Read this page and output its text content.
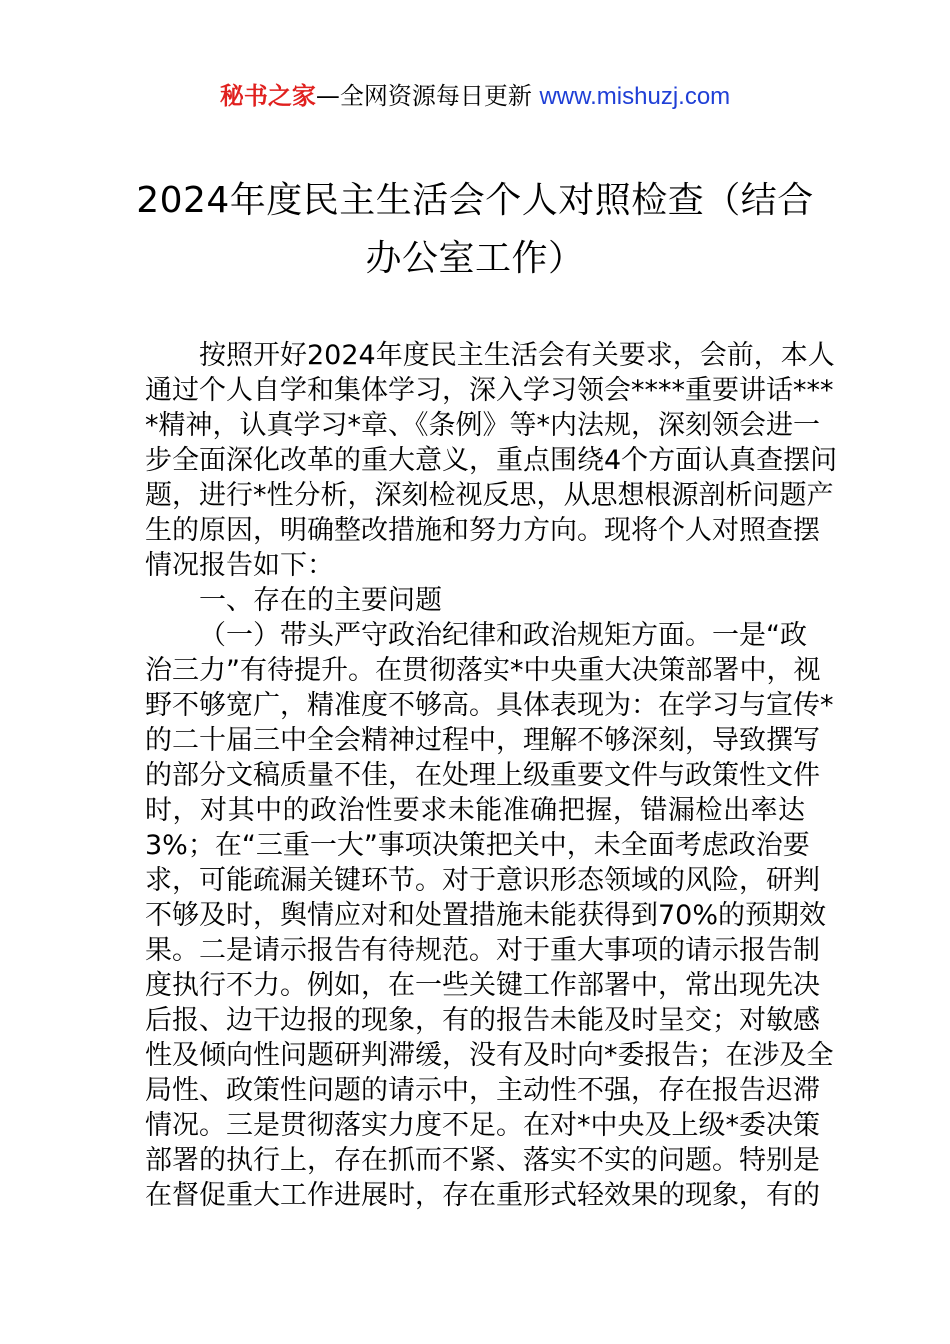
秘书之家—全网资源每日更新 www.mishuzj.com
2024年度民主生活会个人对照检查（结合
办公室工作）
按照开好2024年度民主生活会有关要求，会前，本人
通过个人自学和集体学习，深入学习领会****重要讲话***
*精神，认真学习*章、《条例》等*内法规，深刻领会进一
步全面深化改革的重大意义，重点围绕4个方面认真查摆问
题，进行*性分析，深刻检视反思，从思想根源剖析问题产
生的原因，明确整改措施和努力方向。现将个人对照查摆
情况报告如下：
一、存在的主要问题
（一）带头严守政治纪律和政治规矩方面。一是“政
治三力”有待提升。在贯彻落实*中央重大决策部署中，视
野不够宽广，精准度不够高。具体表现为：在学习与宣传*
的二十届三中全会精神过程中，理解不够深刻，导致撰写
的部分文稿质量不佳，在处理上级重要文件与政策性文件
时，对其中的政治性要求未能准确把握，错漏检出率达
3%；在“三重一大”事项决策把关中，未全面考虑政治要
求，可能疏漏关键环节。对于意识形态领域的风险，研判
不够及时，舆情应对和处置措施未能获得到70%的预期效
果。二是请示报告有待规范。对于重大事项的请示报告制
度执行不力。例如，在一些关键工作部署中，常出现先决
后报、边干边报的现象，有的报告未能及时呈交；对敏感
性及倾向性问题研判滞缓，没有及时向*委报告；在涉及全
局性、政策性问题的请示中，主动性不强，存在报告迟滞
情况。三是贯彻落实力度不足。在对*中央及上级*委决策
部署的执行上，存在抓而不紧、落实不实的问题。特别是
在督促重大工作进展时，存在重形式轻效果的现象，有的
